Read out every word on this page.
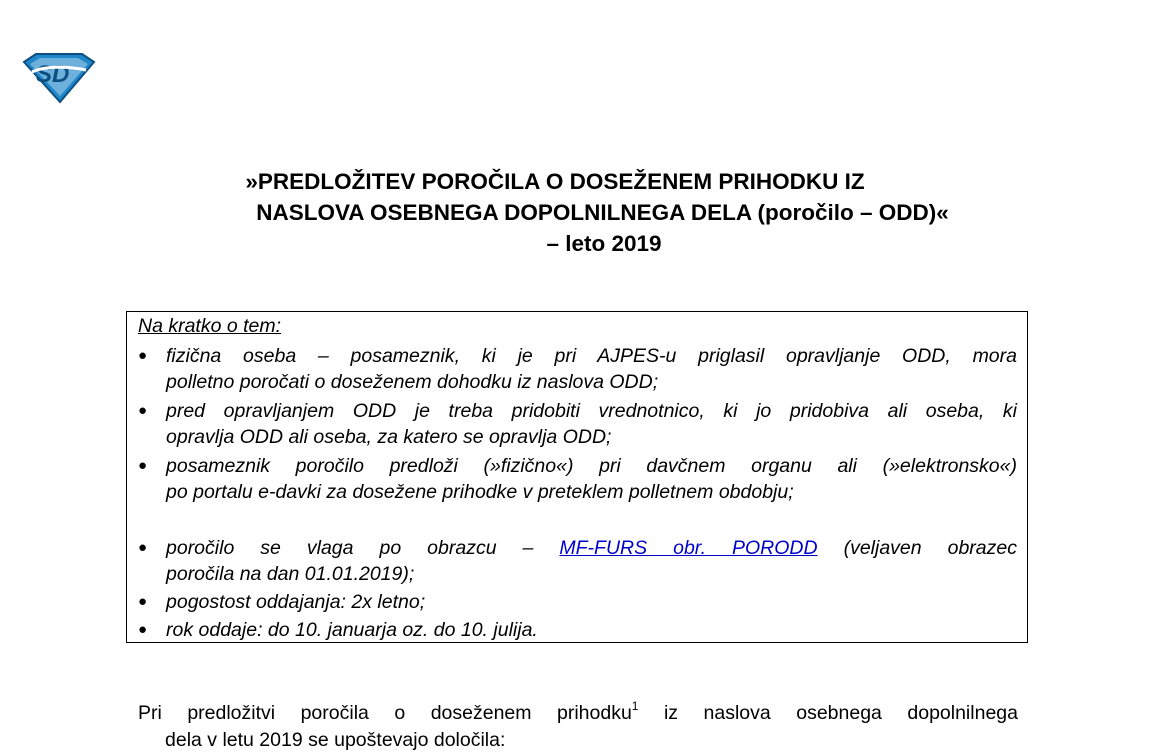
SD
»PREDLOŽITEV POROČILA O DOSEŽENEM PRIHODKU IZ
NASLOVA OSEBNEGA DOPOLNILNEGA DELA (poročilo – ODD)«
– leto 2019
Na kratko o tem:
● fizična oseba – posameznik, ki je pri AJPES-u priglasil opravljanje ODD, mora
polletno poročati o doseženem dohodku iz naslova ODD;
● pred opravljanjem ODD je treba pridobiti vrednotnico, ki jo pridobiva ali oseba, ki
opravlja ODD ali oseba, za katero se opravlja ODD;
● posameznik poročilo predloži (»fizično«) pri davčnem organu ali (»elektronsko«)
po portalu e-davki za dosežene prihodke v preteklem polletnem obdobju;
● poročilo se vlaga po obrazcu – MF-FURS obr. PORODD (veljaven obrazec
poročila na dan 01.01.2019);
● pogostost oddajanja: 2x letno;
● rok oddaje: do 10. januarja oz. do 10. julija.
Pri predložitvi poročila o doseženem prihodku$^1$ iz naslova osebnega dopolnilnega
dela v letu 2019 se upoštevajo določila:
